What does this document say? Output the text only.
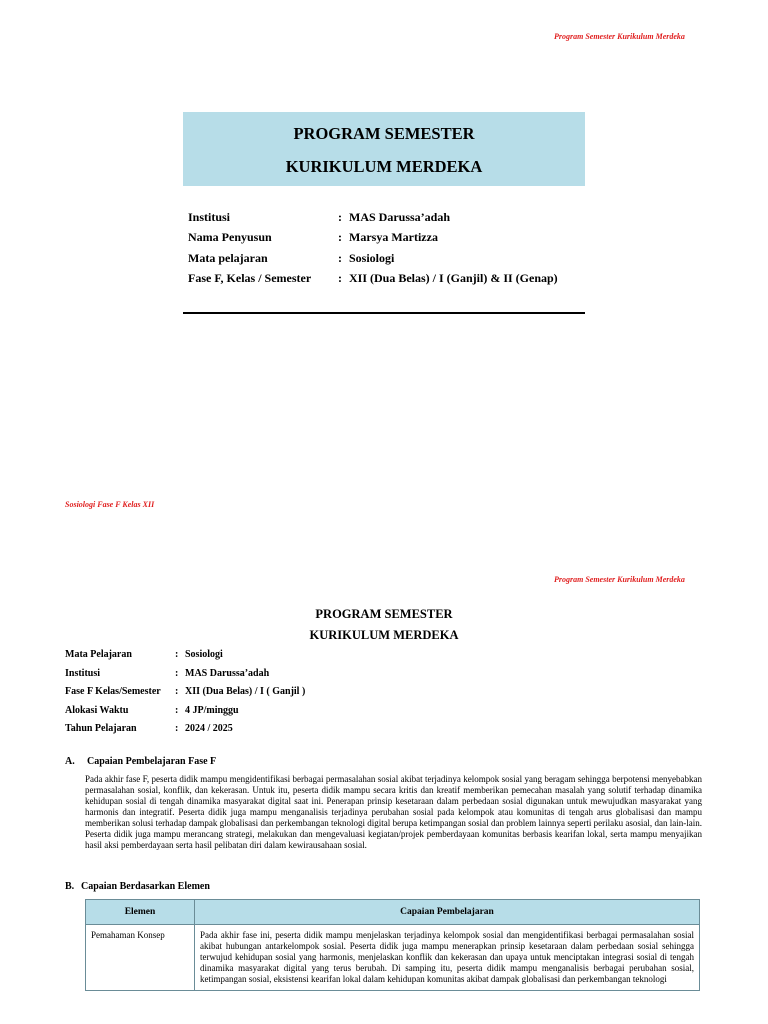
Program Semester Kurikulum Merdeka
PROGRAM SEMESTER
KURIKULUM MERDEKA
Institusi	: MAS Darussa’adah
Nama Penyusun	: Marsya Martizza
Mata pelajaran	: Sosiologi
Fase F, Kelas / Semester	: XII (Dua Belas) / I (Ganjil) & II (Genap)
Sosiologi Fase F Kelas XII
Program Semester Kurikulum Merdeka
PROGRAM SEMESTER
KURIKULUM MERDEKA
Mata Pelajaran	: Sosiologi
Institusi	: MAS Darussa’adah
Fase F Kelas/Semester	: XII (Dua Belas) / I ( Ganjil )
Alokasi Waktu	: 4 JP/minggu
Tahun Pelajaran	: 2024 / 2025
A. Capaian Pembelajaran Fase F
Pada akhir fase F, peserta didik mampu mengidentifikasi berbagai permasalahan sosial akibat terjadinya kelompok sosial yang beragam sehingga berpotensi menyebabkan permasalahan sosial, konflik, dan kekerasan. Untuk itu, peserta didik mampu secara kritis dan kreatif memberikan pemecahan masalah yang solutif terhadap dinamika kehidupan sosial di tengah dinamika masyarakat digital saat ini. Penerapan prinsip kesetaraan dalam perbedaan sosial digunakan untuk mewujudkan masyarakat yang harmonis dan integratif. Peserta didik juga mampu menganalisis terjadinya perubahan sosial pada kelompok atau komunitas di tengah arus globalisasi dan mampu memberikan solusi terhadap dampak globalisasi dan perkembangan teknologi digital berupa ketimpangan sosial dan problem lainnya seperti perilaku asosial, dan lain-lain. Peserta didik juga mampu merancang strategi, melakukan dan mengevaluasi kegiatan/projek pemberdayaan komunitas berbasis kearifan lokal, serta mampu menyajikan hasil aksi pemberdayaan serta hasil pelibatan diri dalam kewirausahaan sosial.
B. Capaian Berdasarkan Elemen
Elemen	Capaian Pembelajaran
Pemahaman Konsep	Pada akhir fase ini, peserta didik mampu menjelaskan terjadinya kelompok sosial dan mengidentifikasi berbagai permasalahan sosial akibat hubungan antarkelompok sosial. Peserta didik juga mampu menerapkan prinsip kesetaraan dalam perbedaan sosial sehingga terwujud kehidupan sosial yang harmonis, menjelaskan konflik dan kekerasan dan upaya untuk menciptakan integrasi sosial di tengah dinamika masyarakat digital yang terus berubah. Di samping itu, peserta didik mampu menganalisis berbagai perubahan sosial, ketimpangan sosial, eksistensi kearifan lokal dalam kehidupan komunitas akibat dampak globalisasi dan perkembangan teknologi
